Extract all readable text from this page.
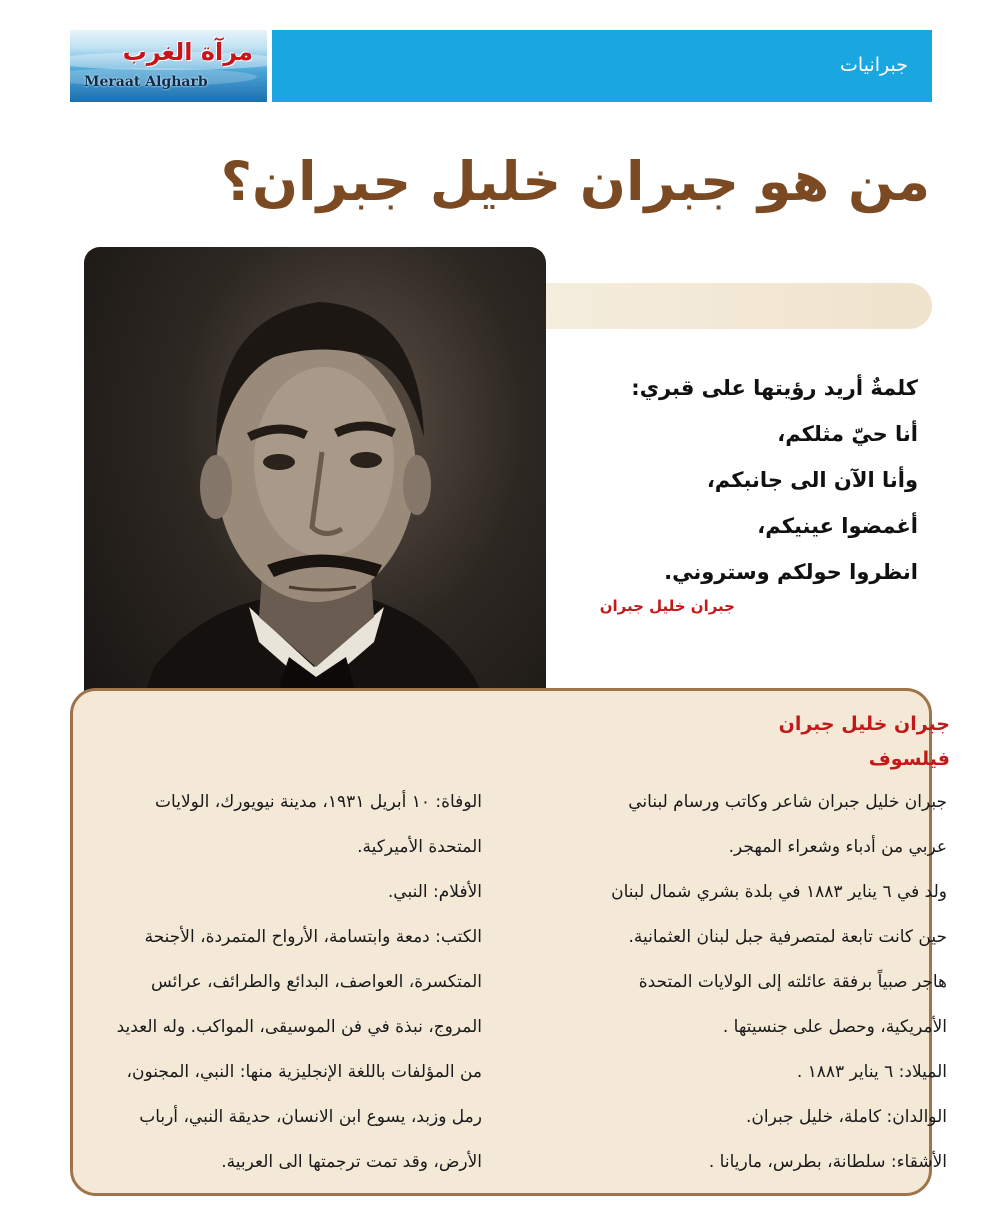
مرآة الغرب
Meraat Algharb
جبرانيات
من هو جبران خليل جبران؟
كلمةٌ أريد رؤيتها على قبري:
أنا حيّ مثلكم،
وأنا الآن الى جانبكم،
أغمضوا عينيكم،
انظروا حولكم وستروني.
جبران خليل جبران
جبران خليل جبران
فيلسوف

جبران خليل جبران شاعر وكاتب ورسام لبناني

عربي من أدباء وشعراء المهجر.

ولد في ٦ يناير ١٨٨٣ في بلدة بشري شمال لبنان

حين كانت تابعة لمتصرفية جبل لبنان العثمانية.

هاجر صبياً برفقة عائلته إلى الولايات المتحدة

الأمريكية، وحصل على جنسيتها .

الميلاد: ٦ يناير ١٨٨٣ .

الوالدان: كاملة، خليل جبران.

الأشقاء: سلطانة، بطرس، ماريانا .

الوفاة: ١٠ أبريل ١٩٣١، مدينة نيويورك، الولايات

المتحدة الأميركية.

الأفلام: النبي.

الكتب: دمعة وابتسامة، الأرواح المتمردة، الأجنحة

المتكسرة، العواصف، البدائع والطرائف، عرائس

المروج، نبذة في فن الموسيقى، المواكب. وله العديد

من المؤلفات باللغة الإنجليزية منها: النبي، المجنون،

رمل وزبد، يسوع ابن الانسان، حديقة النبي، أرباب

الأرض، وقد تمت ترجمتها الى العربية.
